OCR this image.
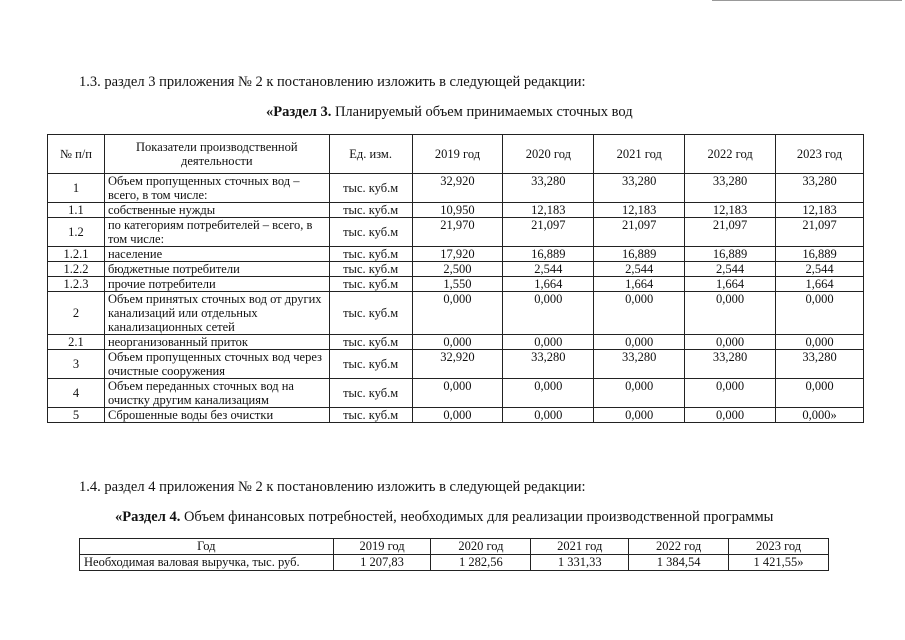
1.3. раздел 3 приложения № 2 к постановлению изложить в следующей редакции:
«Раздел 3. Планируемый объем принимаемых сточных вод
№ п/п	Показатели производственной деятельности	Ед. изм.	2019 год	2020 год	2021 год	2022 год	2023 год
1	Объем пропущенных сточных вод – всего, в том числе:	тыс. куб.м	32,920	33,280	33,280	33,280	33,280
1.1	собственные нужды	тыс. куб.м	10,950	12,183	12,183	12,183	12,183
1.2	по категориям потребителей – всего, в том числе:	тыс. куб.м	21,970	21,097	21,097	21,097	21,097
1.2.1	население	тыс. куб.м	17,920	16,889	16,889	16,889	16,889
1.2.2	бюджетные потребители	тыс. куб.м	2,500	2,544	2,544	2,544	2,544
1.2.3	прочие потребители	тыс. куб.м	1,550	1,664	1,664	1,664	1,664
2	Объем принятых сточных вод от других канализаций или отдельных канализационных сетей	тыс. куб.м	0,000	0,000	0,000	0,000	0,000
2.1	неорганизованный приток	тыс. куб.м	0,000	0,000	0,000	0,000	0,000
3	Объем пропущенных сточных вод через очистные сооружения	тыс. куб.м	32,920	33,280	33,280	33,280	33,280
4	Объем переданных сточных вод на очистку другим канализациям	тыс. куб.м	0,000	0,000	0,000	0,000	0,000
5	Сброшенные воды без очистки	тыс. куб.м	0,000	0,000	0,000	0,000	0,000»
1.4. раздел 4 приложения № 2 к постановлению изложить в следующей редакции:
«Раздел 4. Объем финансовых потребностей, необходимых для реализации производственной программы
Год	2019 год	2020 год	2021 год	2022 год	2023 год
Необходимая валовая выручка, тыс. руб.	1 207,83	1 282,56	1 331,33	1 384,54	1 421,55»
